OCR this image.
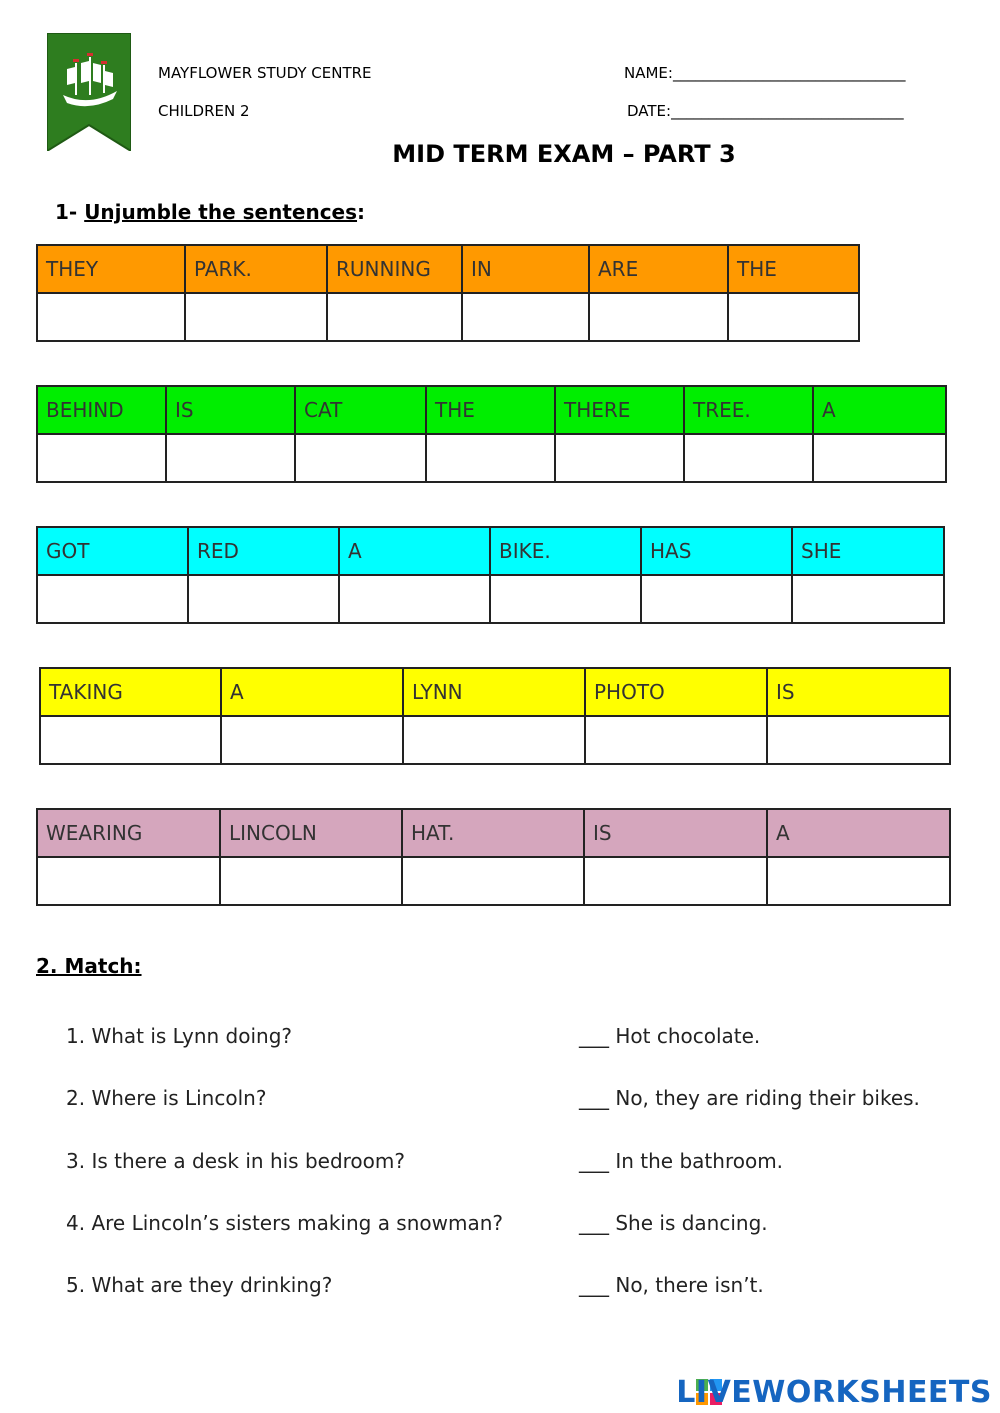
MAYFLOWER STUDY CENTRE
CHILDREN 2
NAME:_______________________________
DATE:_______________________________
MID TERM EXAM – PART 3
1- Unjumble the sentences:
THEY	PARK.	RUNNING	IN	ARE	THE

BEHIND	IS	CAT	THE	THERE	TREE.	A

GOT	RED	A	BIKE.	HAS	SHE

TAKING	A	LYNN	PHOTO	IS

WEARING	LINCOLN	HAT.	IS	A

2. Match:
1. What is Lynn doing?
2. Where is Lincoln?
3. Is there a desk in his bedroom?
4. Are Lincoln’s sisters making a snowman?
5. What are they drinking?
___ Hot chocolate.
___ No, they are riding their bikes.
___ In the bathroom.
___ She is dancing.
___ No, there isn’t.
LIVEWORKSHEETS
